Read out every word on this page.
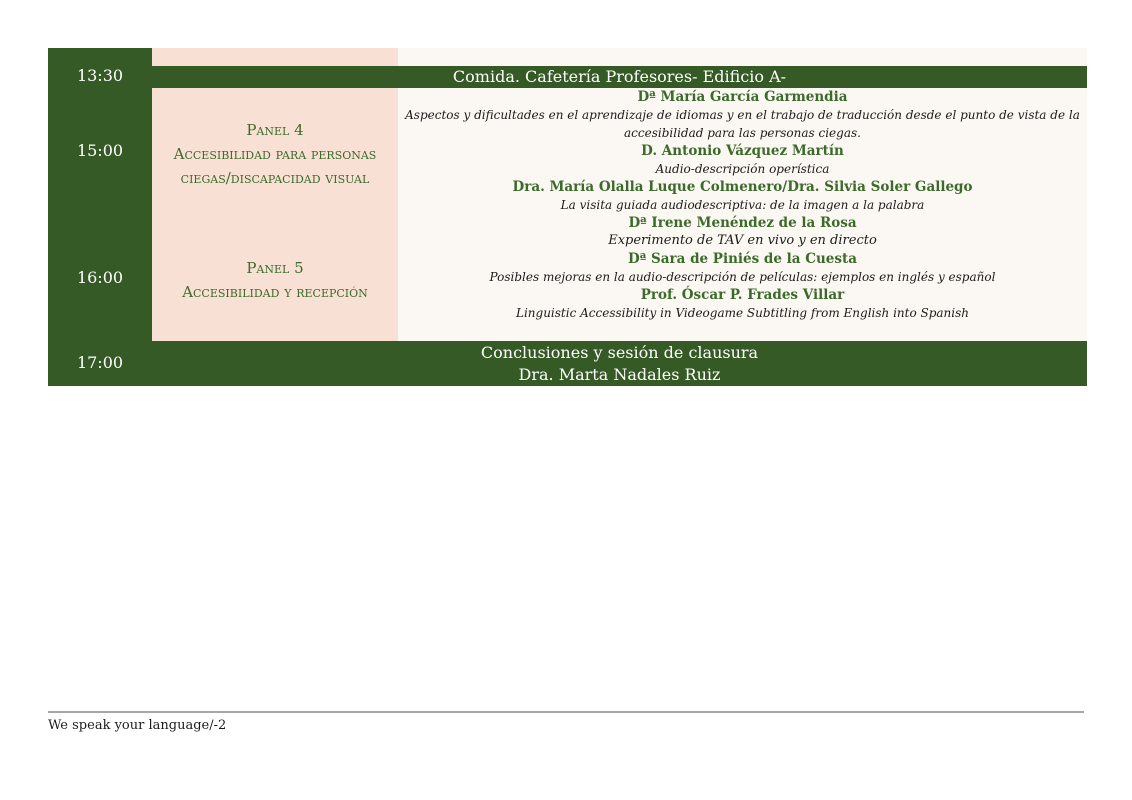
Comida. Cafetería Profesores- Edificio A-
13:30
15:00
16:00
17:00
Panel 4
Accesibilidad para personas
ciegas/discapacidad visual
Panel 5
Accesibilidad y recepción
Dª María García Garmendia
Aspectos y dificultades en el aprendizaje de idiomas y en el trabajo de traducción desde el punto de vista de la accesibilidad para las personas ciegas.
D. Antonio Vázquez Martín
Audio-descripción operística
Dra. María Olalla Luque Colmenero/Dra. Silvia Soler Gallego
La visita guiada audiodescriptiva: de la imagen a la palabra
Dª Irene Menéndez de la Rosa
Experimento de TAV en vivo y en directo
Dª Sara de Piniés de la Cuesta
Posibles mejoras en la audio-descripción de películas: ejemplos en inglés y español
Prof. Óscar P. Frades Villar
Linguistic Accessibility in Videogame Subtitling from English into Spanish
Conclusiones y sesión de clausura
Dra. Marta Nadales Ruiz
We speak your language/-2
